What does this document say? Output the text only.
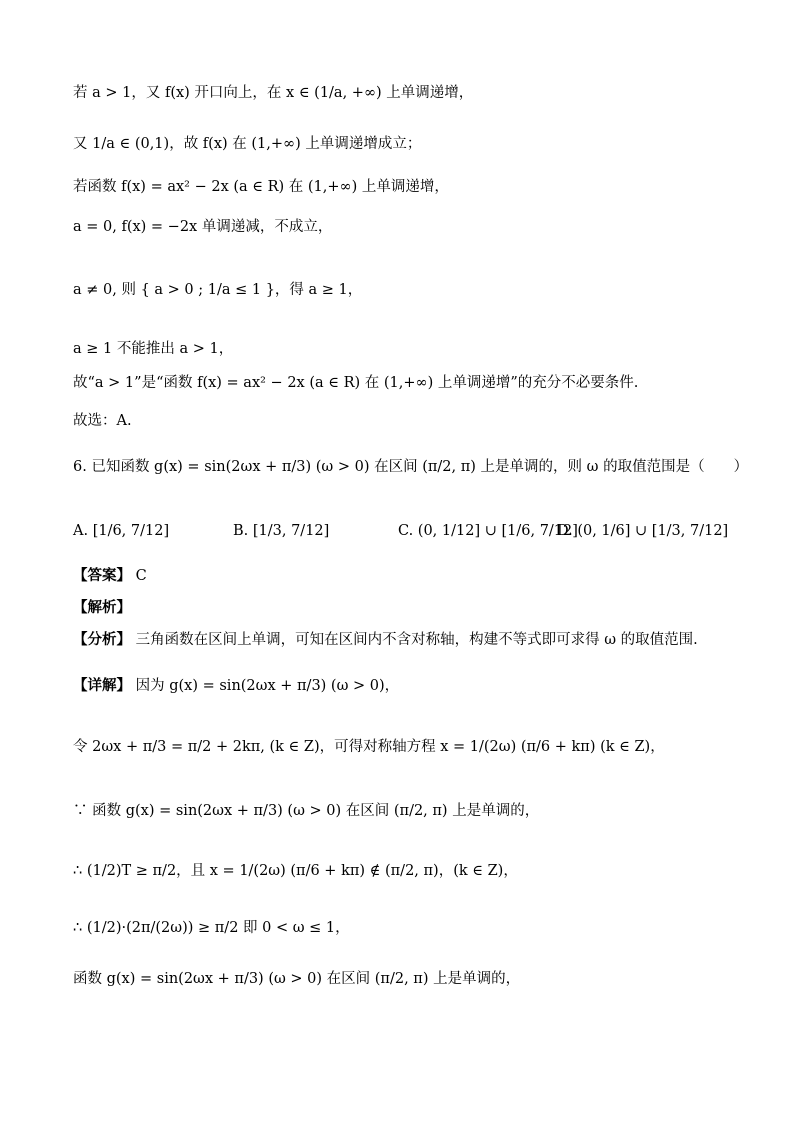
若 a > 1，又 f(x) 开口向上，在 x ∈ (1/a, +∞) 上单调递增，
又 1/a ∈ (0,1)，故 f(x) 在 (1,+∞) 上单调递增成立；
若函数 f(x) = ax² − 2x (a ∈ R) 在 (1,+∞) 上单调递增，
a = 0, f(x) = −2x 单调递减，不成立，
a ≠ 0, 则 { a > 0 ; 1/a ≤ 1 }，得 a ≥ 1，
a ≥ 1 不能推出 a > 1，
故“a > 1”是“函数 f(x) = ax² − 2x (a ∈ R) 在 (1,+∞) 上单调递增”的充分不必要条件.
故选：A.
6. 已知函数 g(x) = sin(2ωx + π/3) (ω > 0) 在区间 (π/2, π) 上是单调的，则 ω 的取值范围是（　　）
A. [1/6, 7/12]	B. [1/3, 7/12]	C. (0, 1/12] ∪ [1/6, 7/12]
D. (0, 1/6] ∪ [1/3, 7/12]
【答案】 C
【解析】
【分析】 三角函数在区间上单调，可知在区间内不含对称轴，构建不等式即可求得 ω 的取值范围.
【详解】 因为 g(x) = sin(2ωx + π/3) (ω > 0)，
令 2ωx + π/3 = π/2 + 2kπ, (k ∈ Z)，可得对称轴方程 x = 1/(2ω) (π/6 + kπ) (k ∈ Z)，
∵ 函数 g(x) = sin(2ωx + π/3) (ω > 0) 在区间 (π/2, π) 上是单调的，
∴ (1/2)T ≥ π/2，且 x = 1/(2ω) (π/6 + kπ) ∉ (π/2, π)，(k ∈ Z)，
∴ (1/2)·(2π/(2ω)) ≥ π/2 即 0 < ω ≤ 1，
函数 g(x) = sin(2ωx + π/3) (ω > 0) 在区间 (π/2, π) 上是单调的，
